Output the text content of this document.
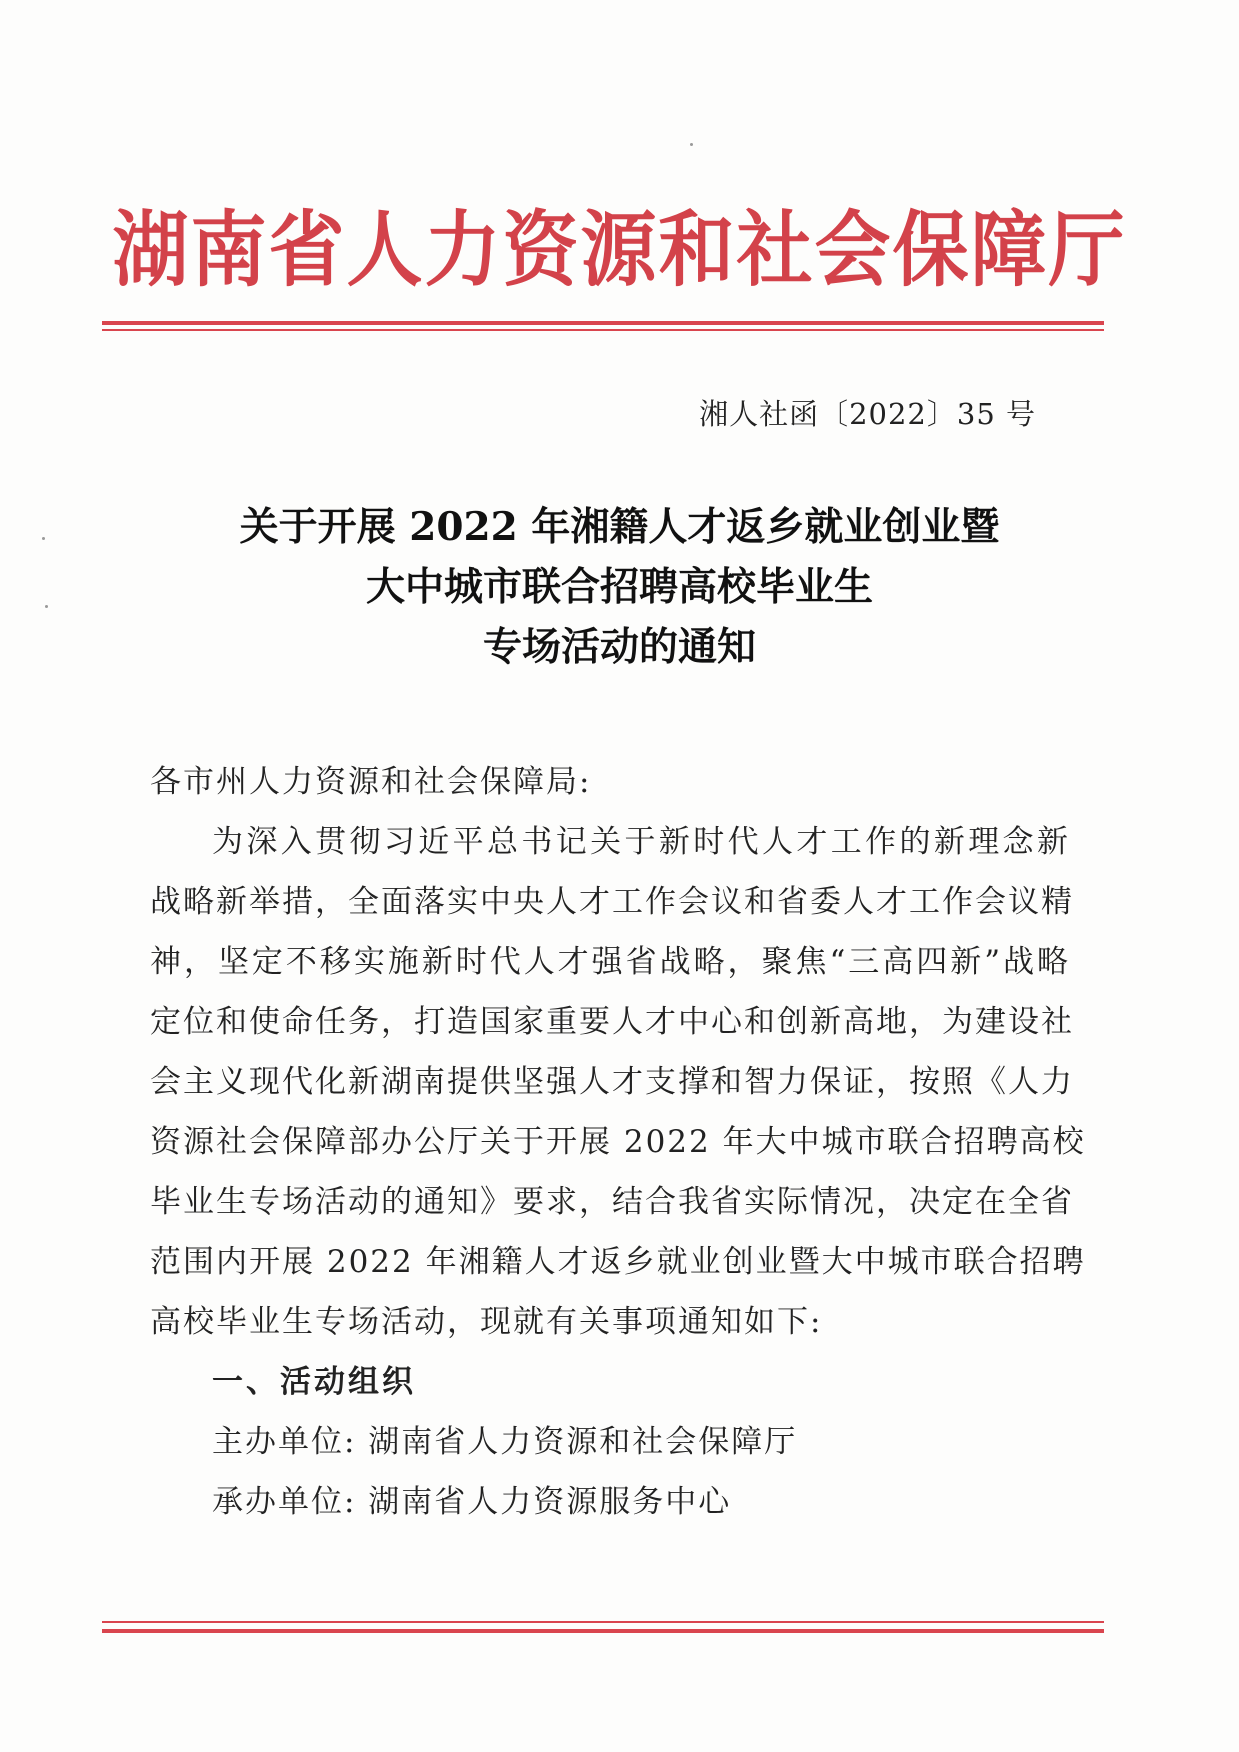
湖南省人力资源和社会保障厅
湘人社函〔2022〕35 号
关于开展 2022 年湘籍人才返乡就业创业暨
大中城市联合招聘高校毕业生
专场活动的通知
各市州人力资源和社会保障局:
为深入贯彻习近平总书记关于新时代人才工作的新理念新
战略新举措，全面落实中央人才工作会议和省委人才工作会议精
神，坚定不移实施新时代人才强省战略，聚焦“三高四新”战略
定位和使命任务，打造国家重要人才中心和创新高地，为建设社
会主义现代化新湖南提供坚强人才支撑和智力保证，按照《人力
资源社会保障部办公厅关于开展 2022 年大中城市联合招聘高校
毕业生专场活动的通知》要求，结合我省实际情况，决定在全省
范围内开展 2022 年湘籍人才返乡就业创业暨大中城市联合招聘
高校毕业生专场活动，现就有关事项通知如下:
一、活动组织
主办单位: 湖南省人力资源和社会保障厅
承办单位: 湖南省人力资源服务中心
